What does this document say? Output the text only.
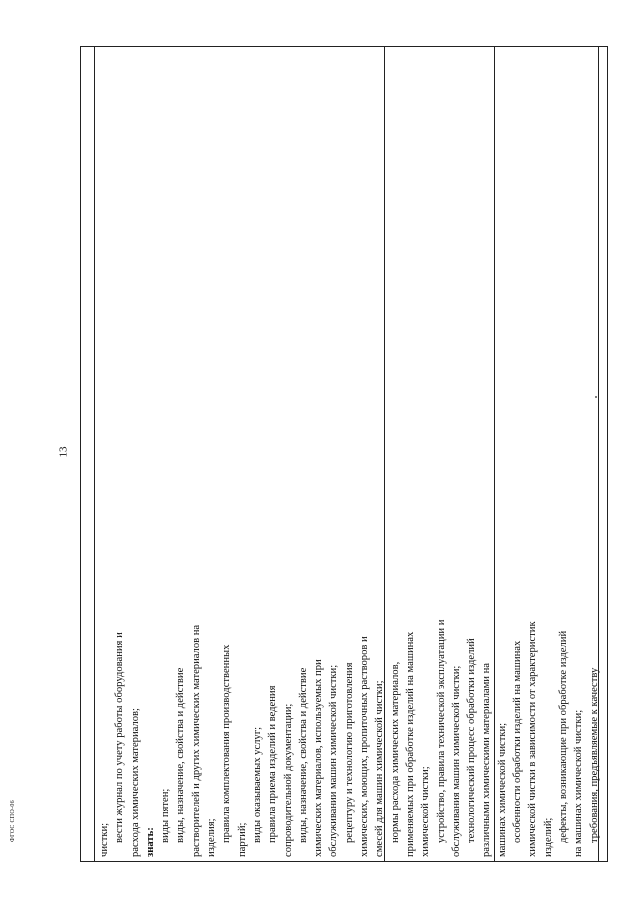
13

чистки; вести журнал по учету работы оборудования и расхода химических материалов; знать: виды пятен; виды, назначение, свойства и действие растворителей и других химических материалов на изделия; правила комплектования производственных партий; виды оказываемых услуг; правила приема изделий и ведения сопроводительной документации; виды, назначение, свойства и действие химических материалов, используемых при обслуживании машин химической чистки; рецептуру и технологию приготовления химических, моющих, пропиточных растворов и смесей для машин химической чистки; нормы расхода химических материалов, применяемых при обработке изделий на машинах химической чистки; устройство, правила технической эксплуатации и обслуживания машин химической чистки; технологический процесс обработки изделий различными химическими материалами на машинах химической чистки; особенности обработки изделий на машинах химической чистки в зависимости от характеристик изделий; дефекты, возникающие при обработке изделий на машинах химической чистки; требования, предъявляемые к качеству

ФГОС СПО-06
